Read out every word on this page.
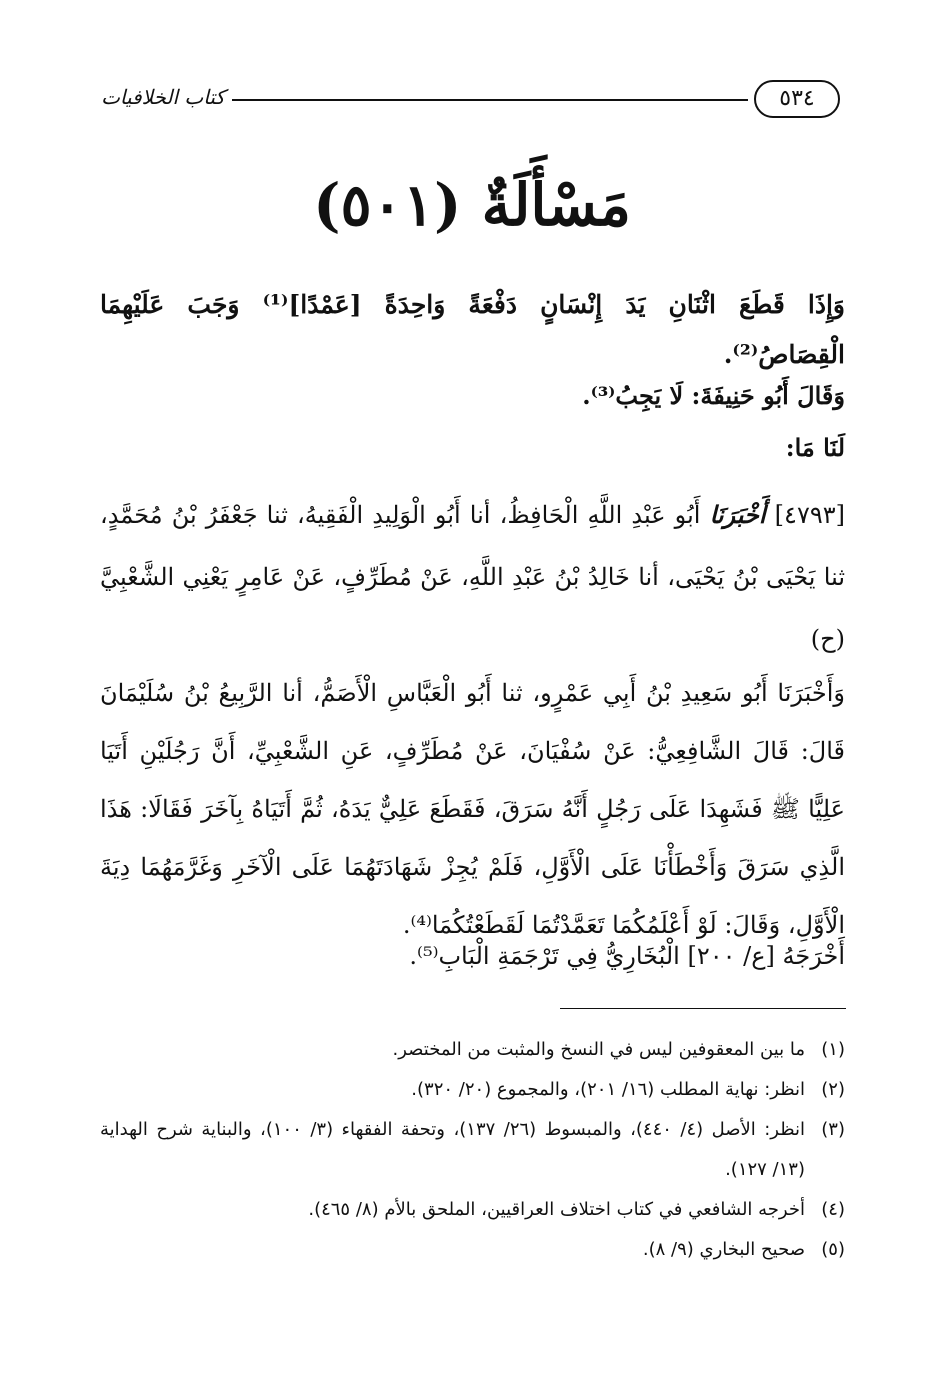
٥٣٤
كتاب الخلافيات
مَسْأَلَةٌ (٥٠١)
وَإِذَا قَطَعَ اثْنَانِ يَدَ إِنْسَانٍ دَفْعَةً وَاحِدَةً [عَمْدًا]⁽¹⁾ وَجَبَ عَلَيْهِمَا الْقِصَاصُ⁽²⁾.
وَقَالَ أَبُو حَنِيفَةَ: لَا يَجِبُ⁽³⁾.
لَنَا مَا:
[٤٧٩٣] أَخْبَرَنَا أَبُو عَبْدِ اللَّهِ الْحَافِظُ، أنا أَبُو الْوَلِيدِ الْفَقِيهُ، ثنا جَعْفَرُ بْنُ مُحَمَّدٍ، ثنا يَحْيَى بْنُ يَحْيَى، أنا خَالِدُ بْنُ عَبْدِ اللَّهِ، عَنْ مُطَرِّفٍ، عَنْ عَامِرٍ يَعْنِي الشَّعْبِيَّ (ح)
وَأَخْبَرَنَا أَبُو سَعِيدِ بْنُ أَبِي عَمْرٍو، ثنا أَبُو الْعَبَّاسِ الْأَصَمُّ، أنا الرَّبِيعُ بْنُ سُلَيْمَانَ قَالَ: قَالَ الشَّافِعِيُّ: عَنْ سُفْيَانَ، عَنْ مُطَرِّفٍ، عَنِ الشَّعْبِيِّ، أَنَّ رَجُلَيْنِ أَتَيَا عَلِيًّا ﷺ فَشَهِدَا عَلَى رَجُلٍ أَنَّهُ سَرَقَ، فَقَطَعَ عَلِيٌّ يَدَهُ، ثُمَّ أَتَيَاهُ بِآخَرَ فَقَالَا: هَذَا الَّذِي سَرَقَ وَأَخْطَأْنَا عَلَى الْأَوَّلِ، فَلَمْ يُجِزْ شَهَادَتَهُمَا عَلَى الْآخَرِ وَغَرَّمَهُمَا دِيَةَ الْأَوَّلِ، وَقَالَ: لَوْ أَعْلَمُكُمَا تَعَمَّدْتُمَا لَقَطَعْتُكُمَا⁽⁴⁾.
أَخْرَجَهُ [ع/ ٢٠٠] الْبُخَارِيُّ فِي تَرْجَمَةِ الْبَابِ⁽⁵⁾.
(١)
ما بين المعقوفين ليس في النسخ والمثبت من المختصر.
(٢)
انظر: نهاية المطلب (١٦/ ٢٠١)، والمجموع (٢٠/ ٣٢٠).
(٣)
انظر: الأصل (٤/ ٤٤٠)، والمبسوط (٢٦/ ١٣٧)، وتحفة الفقهاء (٣/ ١٠٠)، والبناية شرح الهداية (١٣/ ١٢٧).
(٤)
أخرجه الشافعي في كتاب اختلاف العراقيين، الملحق بالأم (٨/ ٤٦٥).
(٥)
صحيح البخاري (٩/ ٨).
